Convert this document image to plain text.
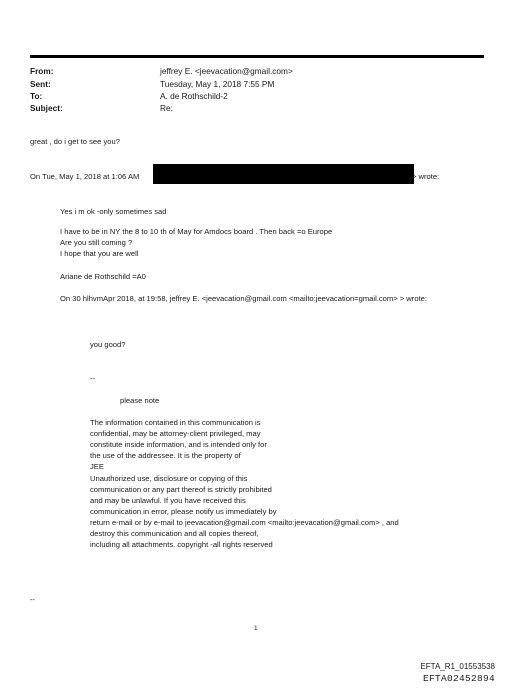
From:
Sent:
To:
Subject:
jeffrey E. <jeevacation@gmail.com>
Tuesday, May 1, 2018 7:55 PM
A. de Rothschild-2
Re:
great , do i get to see you?
On Tue, May 1, 2018 at 1:06 AM	> wrote:
Yes i m ok -only sometimes sad
I have to be in NY the 8 to 10 th of May for Amdocs board . Then back =o Europe
Are you still coming ?
I hope that you are well
Ariane de Rothschild =A0
On 30 hlhvmApr 2018, at 19:58, jeffrey E. <jeevacation@gmail.com <mailto:jeevacation=gmail.com> > wrote:
you good?
--
please note
The information contained in this communication is
confidential, may be attorney-client privileged, may
constitute inside information, and is intended only for
the use of the addressee. It is the property of
JEE
Unauthorized use, disclosure or copying of this
communication or any part thereof is strictly prohibited
and may be unlawful. If you have received this
communication in error, please notify us immediately by
return e-mail or by e-mail to jeevacation@gmail.com <mailto:jeevacation@gmail.com> , and
destroy this communication and all copies thereof,
including all attachments. copyright -all rights reserved
--
1
EFTA_R1_01553538
EFTA02452894
